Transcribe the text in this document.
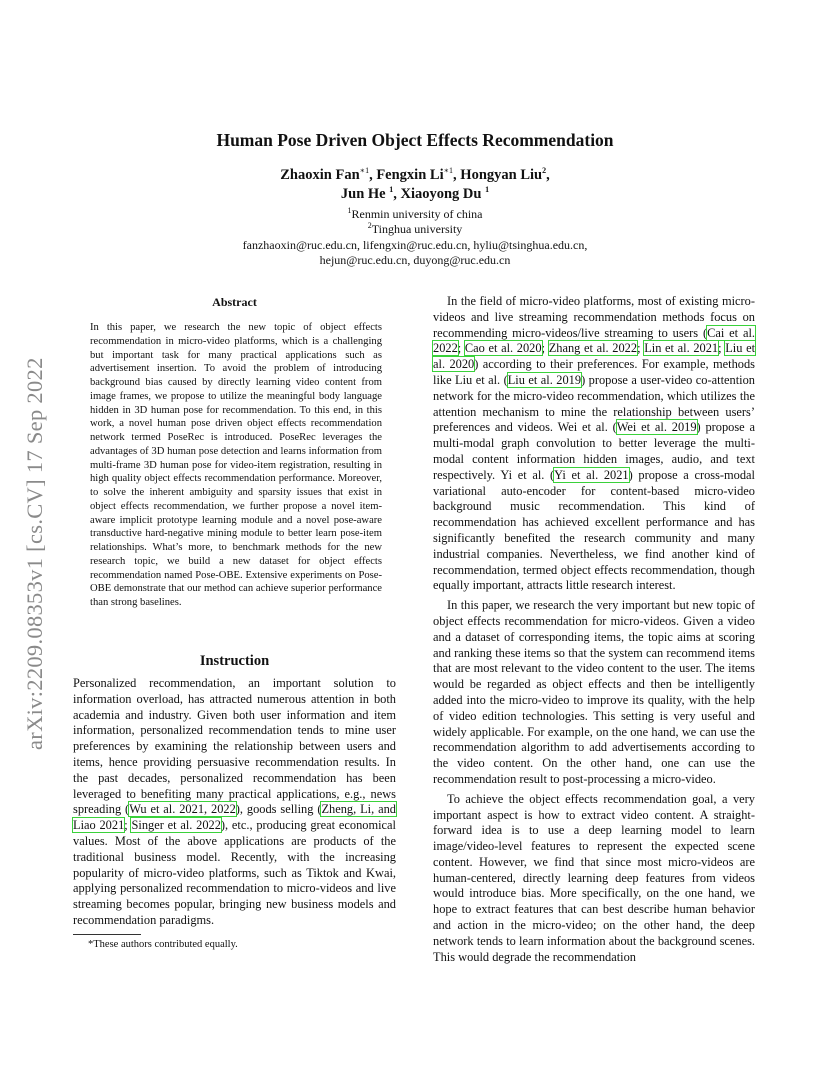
arXiv:2209.08353v1 [cs.CV] 17 Sep 2022
Human Pose Driven Object Effects Recommendation
Zhaoxin Fan$^{∗1}$, Fengxin $Li^{∗1}$, Hongyan Liu$^2$,
Jun He $^1$, Xiaoyong Du $^1$
$^1$Renmin university of china
$^2$Tinghua university
fanzhaoxin@ruc.edu.cn, lifengxin@ruc.edu.cn, hyliu@tsinghua.edu.cn,
hejun@ruc.edu.cn, duyong@ruc.edu.cn
Abstract
In this paper, we research the new topic of object effects recommendation in micro-video platforms, which is a challenging but important task for many practical applications such as advertisement insertion. To avoid the problem of introducing background bias caused by directly learning video content from image frames, we propose to utilize the meaningful body language hidden in 3D human pose for recommendation. To this end, in this work, a novel human pose driven object effects recommendation network termed PoseRec is introduced. PoseRec leverages the advantages of 3D human pose detection and learns information from multi-frame 3D human pose for video-item registration, resulting in high quality object effects recommendation performance. Moreover, to solve the inherent ambiguity and sparsity issues that exist in object effects recommendation, we further propose a novel item-aware implicit prototype learning module and a novel pose-aware transductive hard-negative mining module to better learn pose-item relationships. What’s more, to benchmark methods for the new research topic, we build a new dataset for object effects recommendation named Pose-OBE. Extensive experiments on Pose-OBE demonstrate that our method can achieve superior performance than strong baselines.
Instruction

Personalized recommendation, an important solution to information overload, has attracted numerous attention in both academia and industry. Given both user information and item information, personalized recommendation tends to mine user preferences by examining the relationship between users and items, hence providing persuasive recommendation results. In the past decades, personalized recommendation has been leveraged to benefiting many practical applications, e.g., news spreading (Wu et al. 2021, 2022), goods selling (Zheng, Li, and Liao 2021; Singer et al. 2022), etc., producing great economical values. Most of the above applications are products of the traditional business model. Recently, with the increasing popularity of micro-video platforms, such as Tiktok and Kwai, applying personalized recommendation to micro-videos and live streaming becomes popular, bringing new business models and recommendation paradigms.

*These authors contributed equally.

In the field of micro-video platforms, most of existing micro-videos and live streaming recommendation methods focus on recommending micro-videos/live streaming to users (Cai et al. 2022; Cao et al. 2020; Zhang et al. 2022; Lin et al. 2021; Liu et al. 2020) according to their preferences. For example, methods like Liu et al. (Liu et al. 2019) propose a user-video co-attention network for the micro-video recommendation, which utilizes the attention mechanism to mine the relationship between users’ preferences and videos. Wei et al. (Wei et al. 2019) propose a multi-modal graph convolution to better leverage the multi-modal content information hidden images, audio, and text respectively. Yi et al. (Yi et al. 2021) propose a cross-modal variational auto-encoder for content-based micro-video background music recommendation. This kind of recommendation has achieved excellent performance and has significantly benefited the research community and many industrial companies. Nevertheless, we find another kind of recommendation, termed object effects recommendation, though equally important, attracts little research interest.

In this paper, we research the very important but new topic of object effects recommendation for micro-videos. Given a video and a dataset of corresponding items, the topic aims at scoring and ranking these items so that the system can recommend items that are most relevant to the video content to the user. The items would be regarded as object effects and then be intelligently added into the micro-video to improve its quality, with the help of video edition technologies. This setting is very useful and widely applicable. For example, on the one hand, we can use the recommendation algorithm to add advertisements according to the video content. On the other hand, one can use the recommendation result to post-processing a micro-video.

To achieve the object effects recommendation goal, a very important aspect is how to extract video content. A straight-forward idea is to use a deep learning model to learn image/video-level features to represent the expected scene content. However, we find that since most micro-videos are human-centered, directly learning deep features from videos would introduce bias. More specifically, on the one hand, we hope to extract features that can best describe human behavior and action in the micro-video; on the other hand, the deep network tends to learn information about the background scenes. This would degrade the recommendation
